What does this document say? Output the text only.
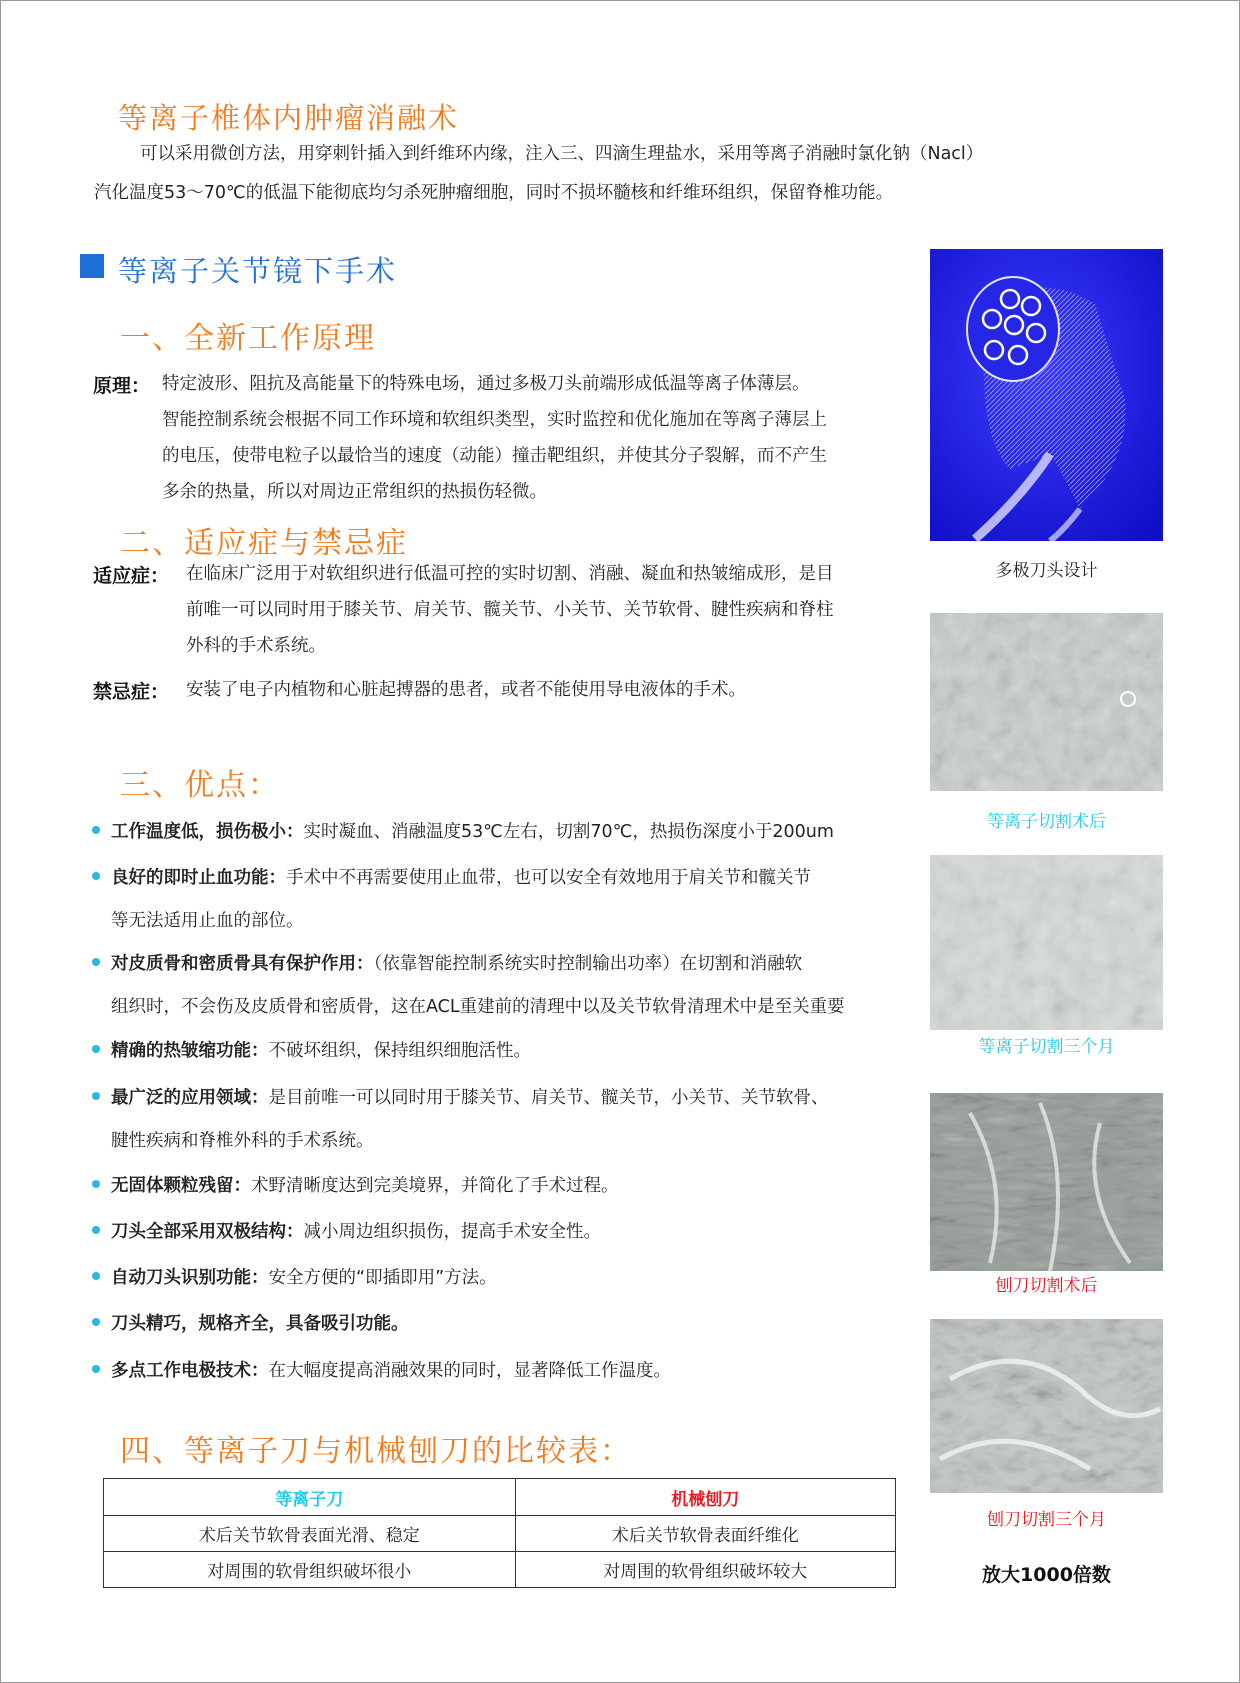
等离子椎体内肿瘤消融术
可以采用微创方法，用穿刺针插入到纤维环内缘，注入三、四滴生理盐水，采用等离子消融时氯化钠（Nacl）
汽化温度53～70℃的低温下能彻底均匀杀死肿瘤细胞，同时不损坏髓核和纤维环组织，保留脊椎功能。
等离子关节镜下手术
一、全新工作原理
原理： 特定波形、阻抗及高能量下的特殊电场，通过多极刀头前端形成低温等离子体薄层。
智能控制系统会根据不同工作环境和软组织类型，实时监控和优化施加在等离子薄层上
的电压，使带电粒子以最恰当的速度（动能）撞击靶组织，并使其分子裂解，而不产生
多余的热量，所以对周边正常组织的热损伤轻微。
二、适应症与禁忌症
适应症： 在临床广泛用于对软组织进行低温可控的实时切割、消融、凝血和热皱缩成形，是目
前唯一可以同时用于膝关节、肩关节、髋关节、小关节、关节软骨、腱性疾病和脊柱
外科的手术系统。
禁忌症： 安装了电子内植物和心脏起搏器的患者，或者不能使用导电液体的手术。
三、优点：
工作温度低，损伤极小：实时凝血、消融温度53℃左右，切割70℃，热损伤深度小于200um
良好的即时止血功能：手术中不再需要使用止血带，也可以安全有效地用于肩关节和髋关节
等无法适用止血的部位。
对皮质骨和密质骨具有保护作用：（依靠智能控制系统实时控制输出功率）在切割和消融软
组织时，不会伤及皮质骨和密质骨，这在ACL重建前的清理中以及关节软骨清理术中是至关重要
精确的热皱缩功能：不破坏组织，保持组织细胞活性。
最广泛的应用领域：是目前唯一可以同时用于膝关节、肩关节、髋关节，小关节、关节软骨、
腱性疾病和脊椎外科的手术系统。
无固体颗粒残留：术野清晰度达到完美境界，并简化了手术过程。
刀头全部采用双极结构：减小周边组织损伤，提高手术安全性。
自动刀头识别功能：安全方便的“即插即用”方法。
刀头精巧，规格齐全，具备吸引功能。
多点工作电极技术：在大幅度提高消融效果的同时，显著降低工作温度。
四、等离子刀与机械刨刀的比较表：
等离子刀	机械刨刀
术后关节软骨表面光滑、稳定	术后关节软骨表面纤维化
对周围的软骨组织破坏很小	对周围的软骨组织破坏较大
多极刀头设计
等离子切割术后
等离子切割三个月
刨刀切割术后
刨刀切割三个月
放大1000倍数
